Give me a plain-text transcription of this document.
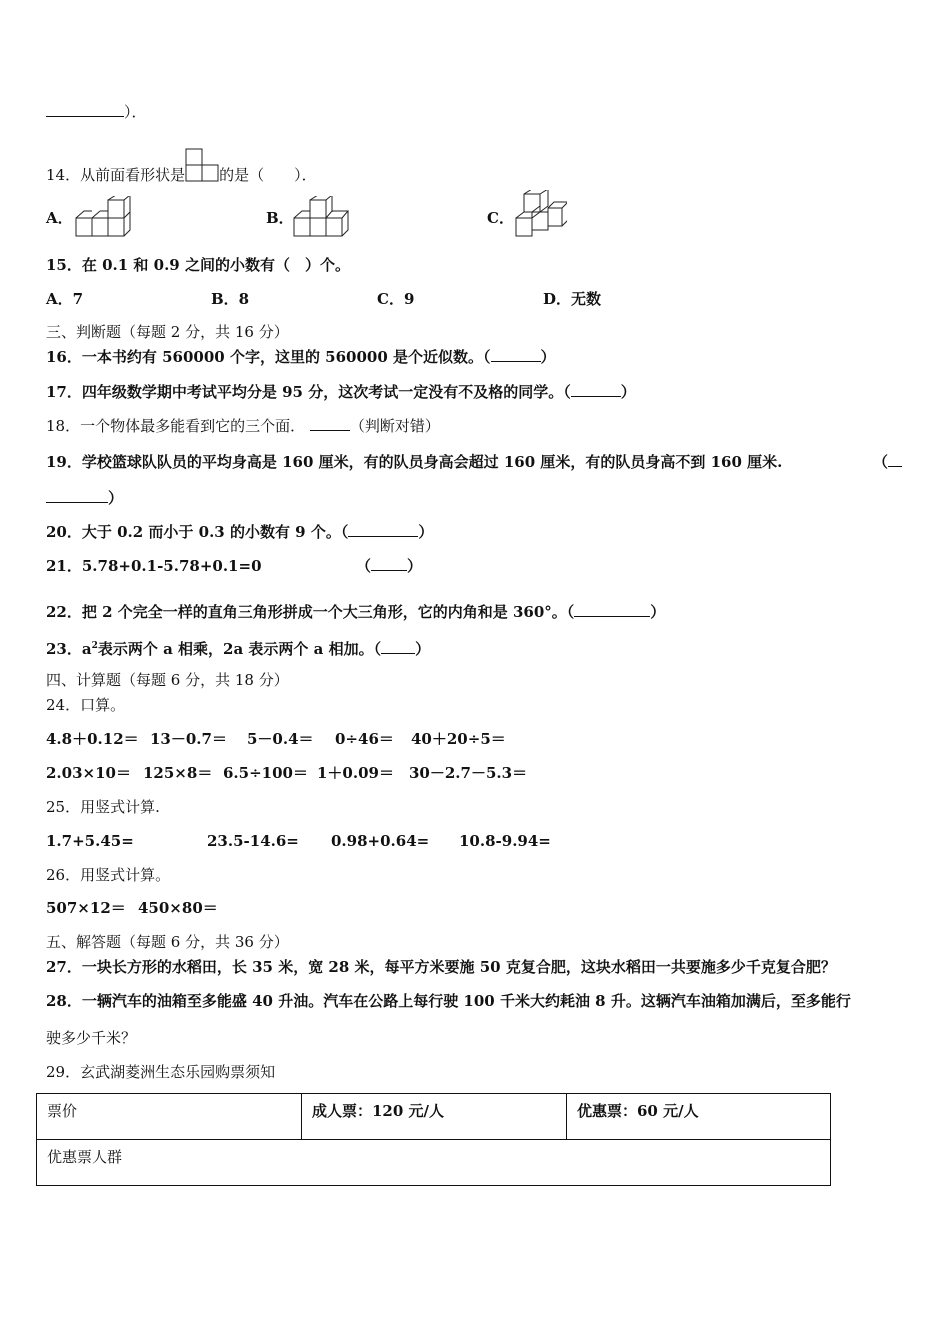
）．
14．从前面看形状是 的是（　　）．
A．	B．	C．
15．在 0.1 和 0.9 之间的小数有（　）个。
A．7	B．8	C．9	D．无数
三、判断题（每题 2 分，共 16 分）
16．一本书约有 560000 个字，这里的 560000 是个近似数。（	）
17．四年级数学期中考试平均分是 95 分，这次考试一定没有不及格的同学。（	）
18．一个物体最多能看到它的三个面．	（判断对错）
19．学校篮球队队员的平均身高是 160 厘米，有的队员身高会超过 160 厘米，有的队员身高不到 160 厘米.	（
）
20．大于 0.2 而小于 0.3 的小数有 9 个。（	）
21．5.78+0.1-5.78+0.1=0	（ ）
22．把 2 个完全一样的直角三角形拼成一个大三角形，它的内角和是 360°。（	）
23．$a^2$表示两个 a 相乘，2a 表示两个 a 相加。（ ）
四、计算题（每题 6 分，共 18 分）
24．口算。
4.8＋0.12＝ 13－0.7＝ 5－0.4＝ 0÷46＝ 40＋20÷5＝
2.03×10＝ 125×8＝ 6.5÷100＝ 1＋0.09＝ 30－2.7－5.3＝
25．用竖式计算.
1.7+5.45=	23.5-14.6= 0.98+0.64= 10.8-9.94=
26．用竖式计算。
507×12＝ 450×80＝
五、解答题（每题 6 分，共 36 分）
27．一块长方形的水稻田，长 35 米，宽 28 米，每平方米要施 50 克复合肥，这块水稻田一共要施多少千克复合肥？
28．一辆汽车的油箱至多能盛 40 升油。汽车在公路上每行驶 100 千米大约耗油 8 升。这辆汽车油箱加满后，至多能行
驶多少千米？
29．玄武湖菱洲生态乐园购票须知
票价	成人票：120 元/人	优惠票：60 元/人
优惠票人群
